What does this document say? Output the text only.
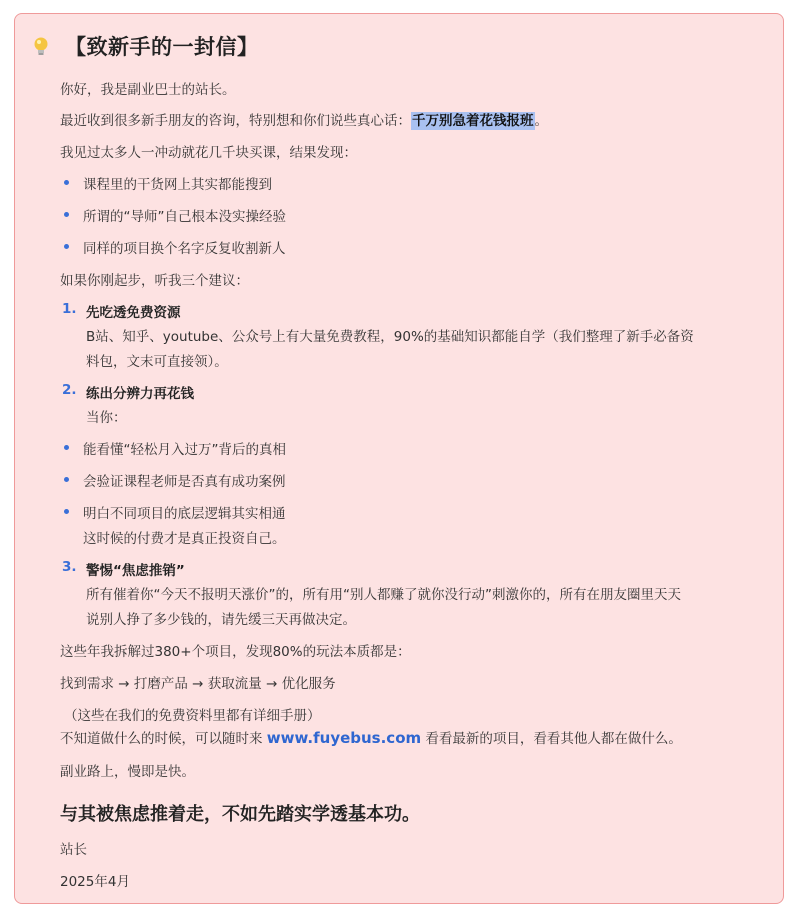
【致新手的一封信】
你好，我是副业巴士的站长。
最近收到很多新手朋友的咨询，特别想和你们说些真心话：千万别急着花钱报班。
我见过太多人一冲动就花几千块买课，结果发现：
课程里的干货网上其实都能搜到
所谓的“导师”自己根本没实操经验
同样的项目换个名字反复收割新人
如果你刚起步，听我三个建议：
1. 先吃透免费资源
B站、知乎、youtube、公众号上有大量免费教程，90%的基础知识都能自学（我们整理了新手必备资
料包，文末可直接领）。
2. 练出分辨力再花钱
当你：
能看懂“轻松月入过万”背后的真相
会验证课程老师是否真有成功案例
明白不同项目的底层逻辑其实相通
这时候的付费才是真正投资自己。
3. 警惕“焦虑推销”
所有催着你“今天不报明天涨价”的，所有用“别人都赚了就你没行动”刺激你的，所有在朋友圈里天天
说别人挣了多少钱的，请先缓三天再做决定。
这些年我拆解过380+个项目，发现80%的玩法本质都是：
找到需求 → 打磨产品 → 获取流量 → 优化服务
（这些在我们的免费资料里都有详细手册）
不知道做什么的时候，可以随时来 www.fuyebus.com 看看最新的项目，看看其他人都在做什么。
副业路上，慢即是快。
与其被焦虑推着走，不如先踏实学透基本功。
站长
2025年4月
